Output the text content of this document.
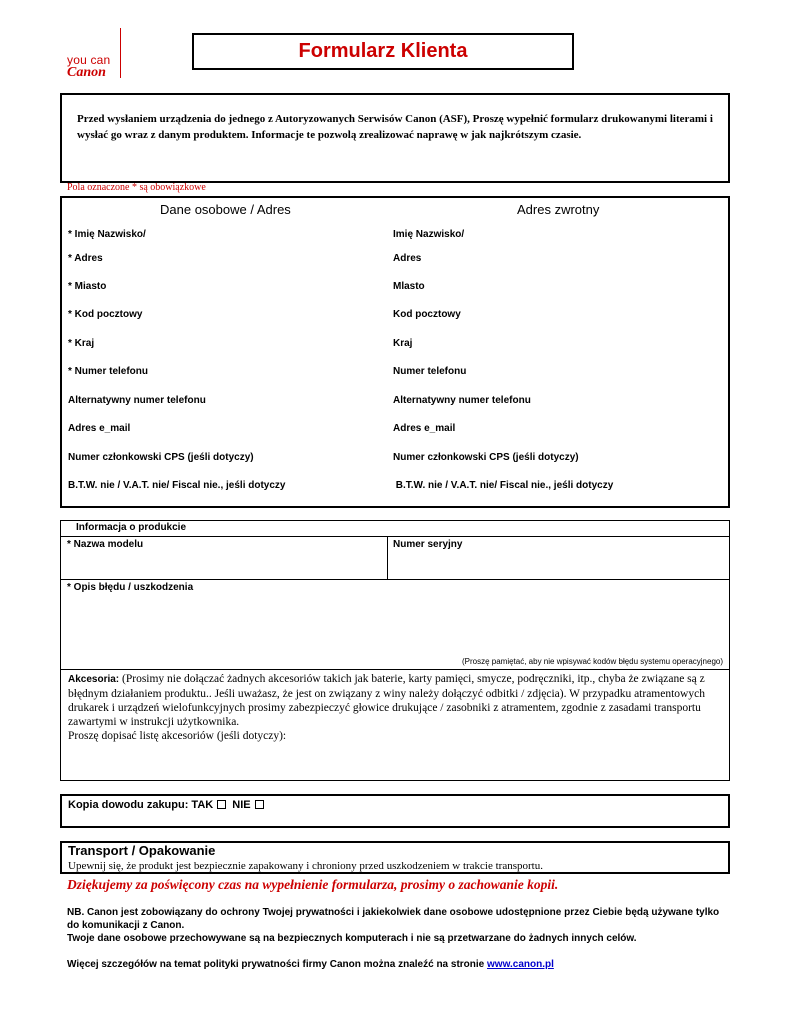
you can
Canon
Formularz Klienta
Przed wysłaniem urządzenia do jednego z Autoryzowanych Serwisów Canon (ASF), Proszę wypełnić formularz drukowanymi literami i wysłać go wraz z danym produktem. Informacje te pozwolą zrealizować naprawę w jak najkrótszym czasie.
Pola oznaczone * są obowiązkowe
Dane osobowe / Adres	Adres zwrotny
* Imię Nazwisko/
* Adres
* Miasto
* Kod pocztowy
* Kraj
* Numer telefonu
Alternatywny numer telefonu
Adres e_mail
Numer członkowski CPS (jeśli dotyczy)
B.T.W. nie / V.A.T. nie/ Fiscal nie., jeśli dotyczy
Imię Nazwisko/
Adres
Mlasto
Kod pocztowy
Kraj
Numer telefonu
Alternatywny numer telefonu
Adres e_mail
Numer członkowski CPS (jeśli dotyczy)
B.T.W. nie / V.A.T. nie/ Fiscal nie., jeśli dotyczy
Informacja o produkcie
* Nazwa modelu	Numer seryjny
* Opis błędu / uszkodzenia
(Proszę pamiętać, aby nie wpisywać kodów błędu systemu operacyjnego)
Akcesoria: (Prosimy nie dołączać żadnych akcesoriów takich jak baterie, karty pamięci, smycze, podręczniki, itp., chyba że związane są z błędnym działaniem produktu.. Jeśli uważasz, że jest on związany z winy należy dołączyć odbitki / zdjęcia). W przypadku atramentowych drukarek i urządzeń wielofunkcyjnych prosimy zabezpieczyć głowice drukujące / zasobniki z atramentem, zgodnie z zasadami transportu zawartymi w instrukcji użytkownika.
Proszę dopisać listę akcesoriów (jeśli dotyczy):
Kopia dowodu zakupu: TAK NIE
Transport / Opakowanie
Upewnij się, że produkt jest bezpiecznie zapakowany i chroniony przed uszkodzeniem w trakcie transportu.
Dziękujemy za poświęcony czas na wypełnienie formularza, prosimy o zachowanie kopii.
NB. Canon jest zobowiązany do ochrony Twojej prywatności i jakiekolwiek dane osobowe udostępnione przez Ciebie będą używane tylko do komunikacji z Canon.
Twoje dane osobowe przechowywane są na bezpiecznych komputerach i nie są przetwarzane do żadnych innych celów.
Więcej szczegółów na temat polityki prywatności firmy Canon można znaleźć na stronie www.canon.pl
